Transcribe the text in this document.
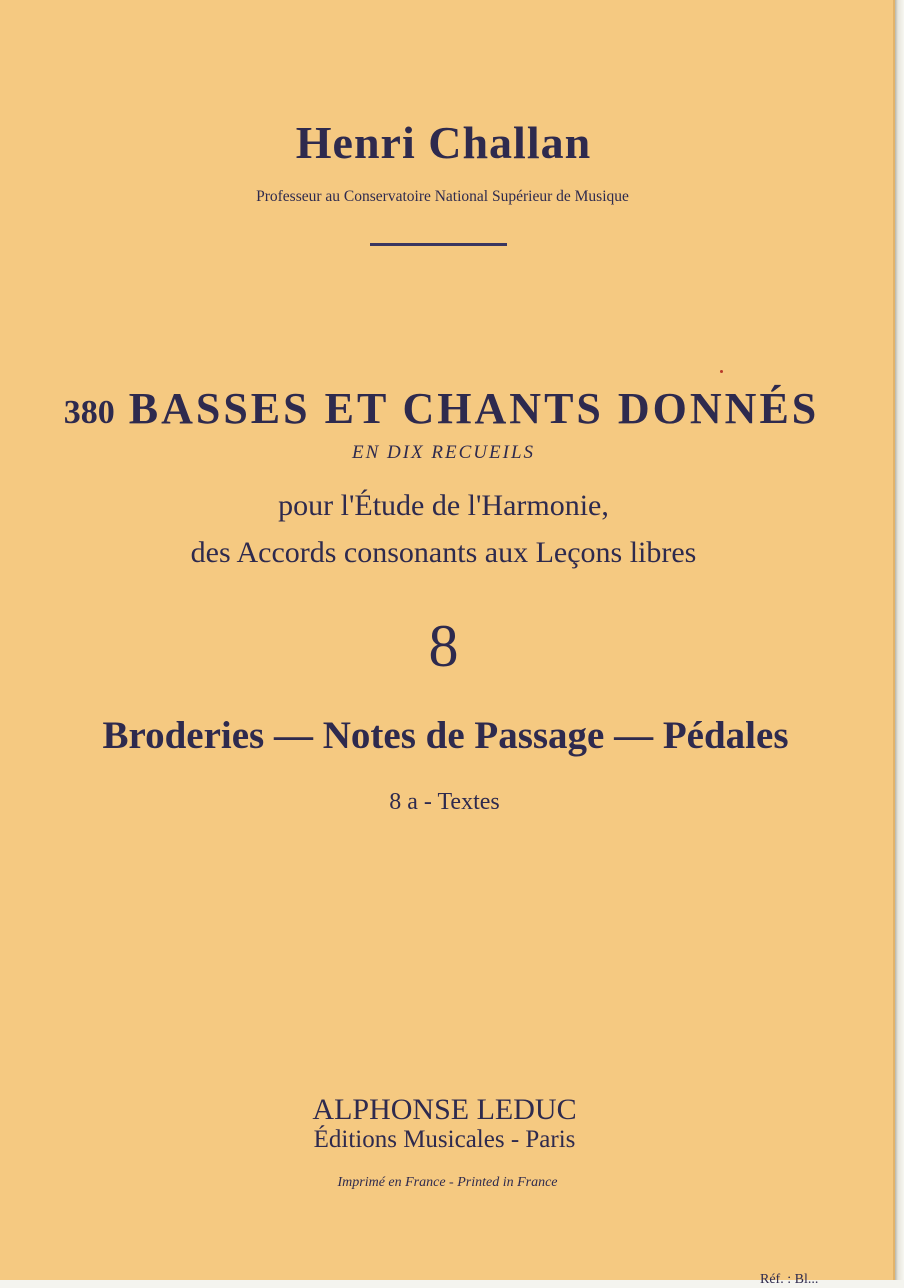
Henri Challan

Professeur au Conservatoire National Supérieur de Musique

380 BASSES ET CHANTS DONNÉS

EN DIX RECUEILS

pour l'Étude de l'Harmonie,

des Accords consonants aux Leçons libres

8

Broderies — Notes de Passage — Pédales

8 a - Textes

ALPHONSE LEDUC

Éditions Musicales - Paris

Imprimé en France - Printed in France

Réf. : Bl...
